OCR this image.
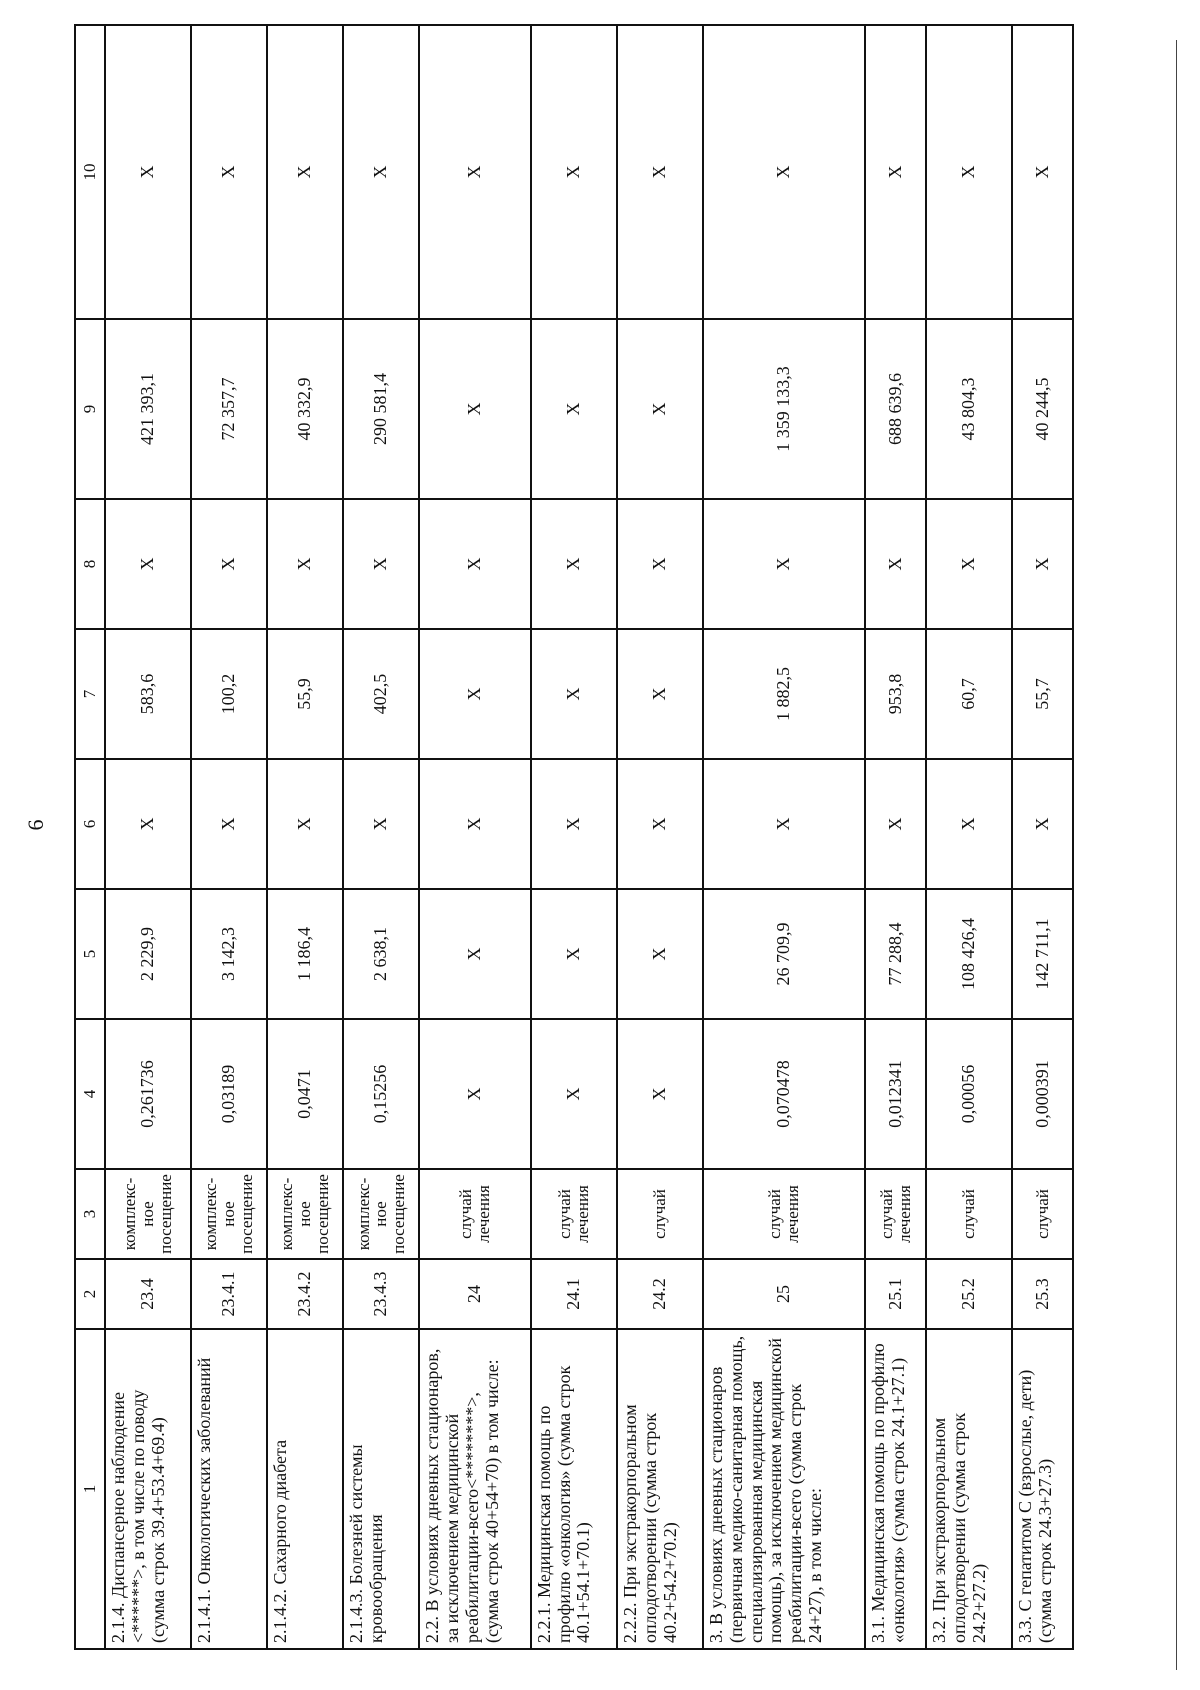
6
1	2	3	4	5	6	7	8	9	10
2.1.4. Диспансерное наблюдение <******>, в том числе по поводу (сумма строк 39.4+53.4+69.4)	23.4	комплекс-ное посещение	0,261736	2 229,9	Х	583,6	Х	421 393,1	Х
2.1.4.1. Онкологических заболеваний	23.4.1	комплекс-ное посещение	0,03189	3 142,3	Х	100,2	Х	72 357,7	Х
2.1.4.2. Сахарного диабета	23.4.2	комплекс-ное посещение	0,0471	1 186,4	Х	55,9	Х	40 332,9	Х
2.1.4.3. Болезней системы кровообращения	23.4.3	комплекс-ное посещение	0,15256	2 638,1	Х	402,5	Х	290 581,4	Х
2.2. В условиях дневных стационаров, за исключением медицинской реабилитации-всего<********>, (сумма строк 40+54+70) в том числе:	24	случай лечения	Х	Х	Х	Х	Х	Х	Х
2.2.1. Медицинская помощь по профилю «онкология» (сумма строк 40.1+54.1+70.1)	24.1	случай лечения	Х	Х	Х	Х	Х	Х	Х
2.2.2. При экстракорпоральном оплодотворении (сумма строк 40.2+54.2+70.2)	24.2	случай	Х	Х	Х	Х	Х	Х	Х
3. В условиях дневных стационаров (первичная медико-санитарная помощь, специализированная медицинская помощь), за исключением медицинской реабилитации-всего (сумма строк 24+27), в том числе:	25	случай лечения	0,070478	26 709,9	Х	1 882,5	Х	1 359 133,3	Х
3.1. Медицинская помощь по профилю «онкология» (сумма строк 24.1+27.1)	25.1	случай лечения	0,012341	77 288,4	Х	953,8	Х	688 639,6	Х
3.2. При экстракорпоральном оплодотворении (сумма строк 24.2+27.2)	25.2	случай	0,00056	108 426,4	Х	60,7	Х	43 804,3	Х
3.3. С гепатитом С (взрослые, дети) (сумма строк 24.3+27.3)	25.3	случай	0,000391	142 711,1	Х	55,7	Х	40 244,5	Х
